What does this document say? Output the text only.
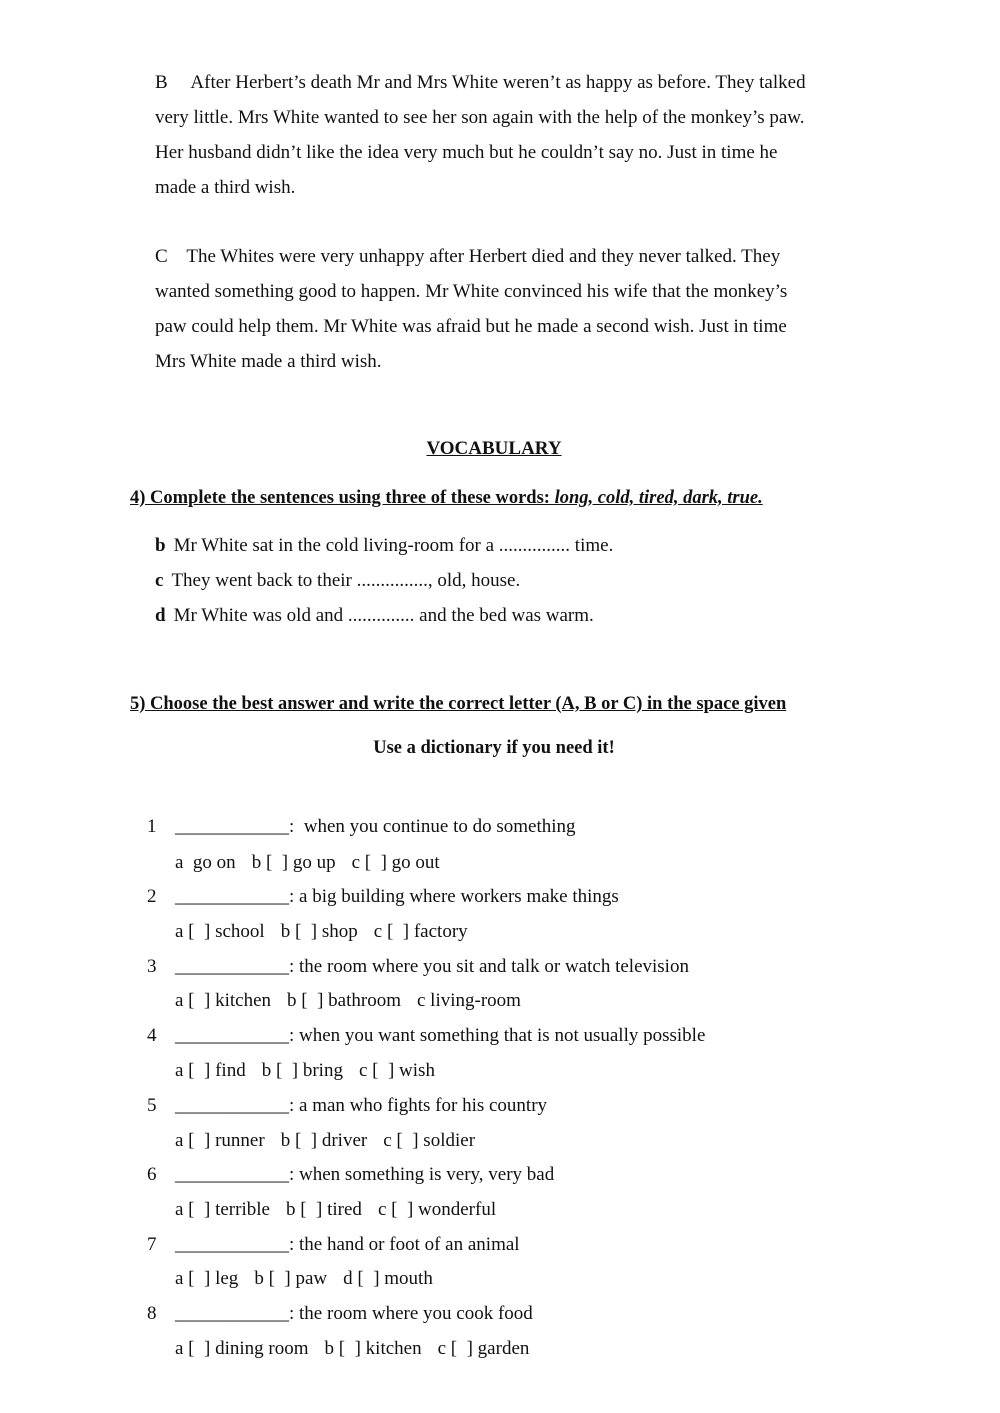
B After Herbert’s death Mr and Mrs White weren’t as happy as before. They talked
very little. Mrs White wanted to see her son again with the help of the monkey’s paw.
Her husband didn’t like the idea very much but he couldn’t say no. Just in time he
made a third wish.
C The Whites were very unhappy after Herbert died and they never talked. They
wanted something good to happen. Mr White convinced his wife that the monkey’s
paw could help them. Mr White was afraid but he made a second wish. Just in time
Mrs White made a third wish.
VOCABULARY
4) Complete the sentences using three of these words: long, cold, tired, dark, true.
b Mr White sat in the cold living-room for a ............... time.
c They went back to their ..............., old, house.
d Mr White was old and .............. and the bed was warm.
5) Choose the best answer and write the correct letter (A, B or C) in the space given
Use a dictionary if you need it!
1 ____________:  when you continue to do something
a  go on b [  ] go up c [  ] go out
2 ____________: a big building where workers make things
a [  ] school b [  ] shop c [  ] factory
3 ____________: the room where you sit and talk or watch television
a [  ] kitchen b [  ] bathroom c living-room
4 ____________: when you want something that is not usually possible
a [  ] find b [  ] bring c [  ] wish
5 ____________: a man who fights for his country
a [  ] runner b [  ] driver c [  ] soldier
6 ____________: when something is very, very bad
a [  ] terrible b [  ] tired c [  ] wonderful
7 ____________: the hand or foot of an animal
a [  ] leg b [  ] paw d [  ] mouth
8 ____________: the room where you cook food
a [  ] dining room b [  ] kitchen c [  ] garden
